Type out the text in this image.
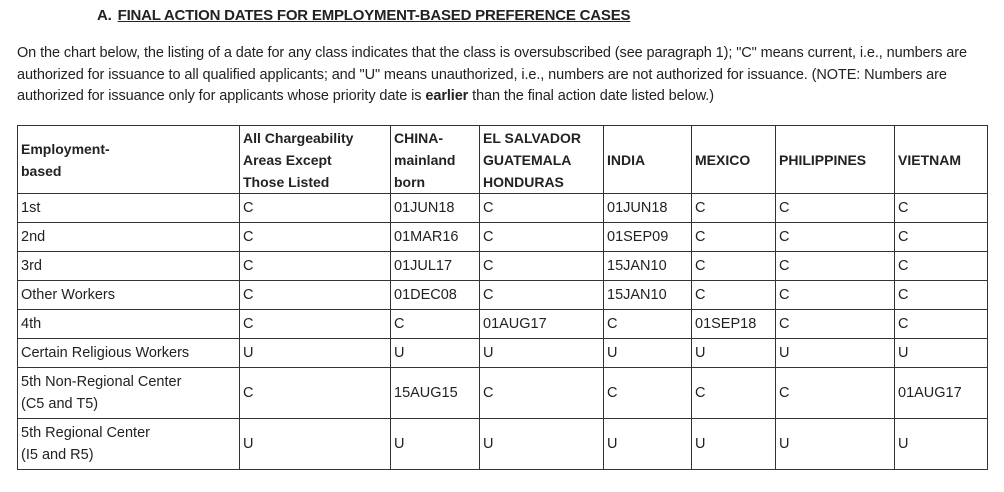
A. FINAL ACTION DATES FOR EMPLOYMENT-BASED PREFERENCE CASES

On the chart below, the listing of a date for any class indicates that the class is oversubscribed (see paragraph 1); "C" means current, i.e., numbers are authorized for issuance to all qualified applicants; and "U" means unauthorized, i.e., numbers are not authorized for issuance. (NOTE: Numbers are authorized for issuance only for applicants whose priority date is earlier than the final action date listed below.)

Employment-
based	All Chargeability
Areas Except
Those Listed	CHINA-
mainland
born	EL SALVADOR
GUATEMALA
HONDURAS	INDIA	MEXICO	PHILIPPINES	VIETNAM
1st	C	01JUN18	C	01JUN18	C	C	C
2nd	C	01MAR16	C	01SEP09	C	C	C
3rd	C	01JUL17	C	15JAN10	C	C	C
Other Workers	C	01DEC08	C	15JAN10	C	C	C
4th	C	C	01AUG17	C	01SEP18	C	C
Certain Religious Workers	U	U	U	U	U	U	U
5th Non-Regional Center
(C5 and T5)	C	15AUG15	C	C	C	C	01AUG17
5th Regional Center
(I5 and R5)	U	U	U	U	U	U	U
